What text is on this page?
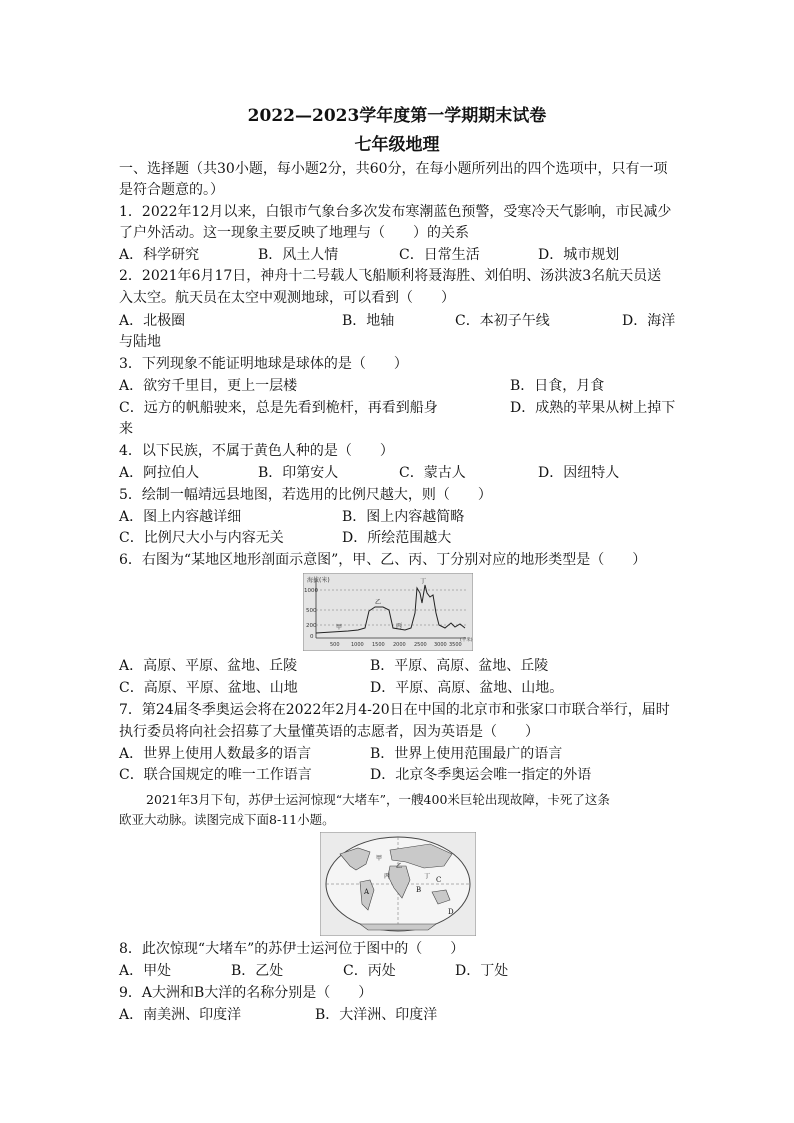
2022—2023学年度第一学期期末试卷
七年级地理
一、选择题（共30小题，每小题2分，共60分，在每小题所列出的四个选项中，只有一项
是符合题意的。）
1．2022年12月以来，白银市气象台多次发布寒潮蓝色预警，受寒冷天气影响，市民减少
了户外活动。这一现象主要反映了地理与（　　）的关系
A．科学研究	B．风土人情	C．日常生活	D．城市规划
2．2021年6月17日，神舟十二号载人飞船顺利将聂海胜、刘伯明、汤洪波3名航天员送
入太空。航天员在太空中观测地球，可以看到（　　）
A．北极圈	B．地轴	C．本初子午线	D．海洋
与陆地
3．下列现象不能证明地球是球体的是（　　）
A．欲穷千里目，更上一层楼	B．日食，月食
C．远方的帆船驶来，总是先看到桅杆，再看到船身	D．成熟的苹果从树上掉下
来
4．以下民族，不属于黄色人种的是（　　）
A．阿拉伯人	B．印第安人	C．蒙古人	D．因纽特人
5．绘制一幅靖远县地图，若选用的比例尺越大，则（　　）
A．图上内容越详细	B．图上内容越简略
C．比例尺大小与内容无关	D．所绘范围越大
6．右图为“某地区地形剖面示意图”，甲、乙、丙、丁分别对应的地形类型是（　　）
海拔(米)
1000
500
200
0
甲
乙
丙
丁
500 1000 1500 2000 2500 3000 3500
(千米)
A．高原、平原、盆地、丘陵	B．平原、高原、盆地、丘陵
C．高原、平原、盆地、山地	D．平原、高原、盆地、山地。
7．第24届冬季奥运会将在2022年2月4-20日在中国的北京市和张家口市联合举行，届时
执行委员将向社会招募了大量懂英语的志愿者，因为英语是（　　）
A．世界上使用人数最多的语言	B．世界上使用范围最广的语言
C．联合国规定的唯一工作语言	D．北京冬季奥运会唯一指定的外语
2021年3月下旬，苏伊士运河惊现“大堵车”，一艘400米巨轮出现故障，卡死了这条
欧亚大动脉。读图完成下面8-11小题。
A	B
C
D
甲
乙
丙	丁
8．此次惊现“大堵车”的苏伊士运河位于图中的（　　）
A．甲处	B．乙处	C．丙处	D．丁处
9．A大洲和B大洋的名称分别是（　　）
A．南美洲、印度洋	B．大洋洲、印度洋
